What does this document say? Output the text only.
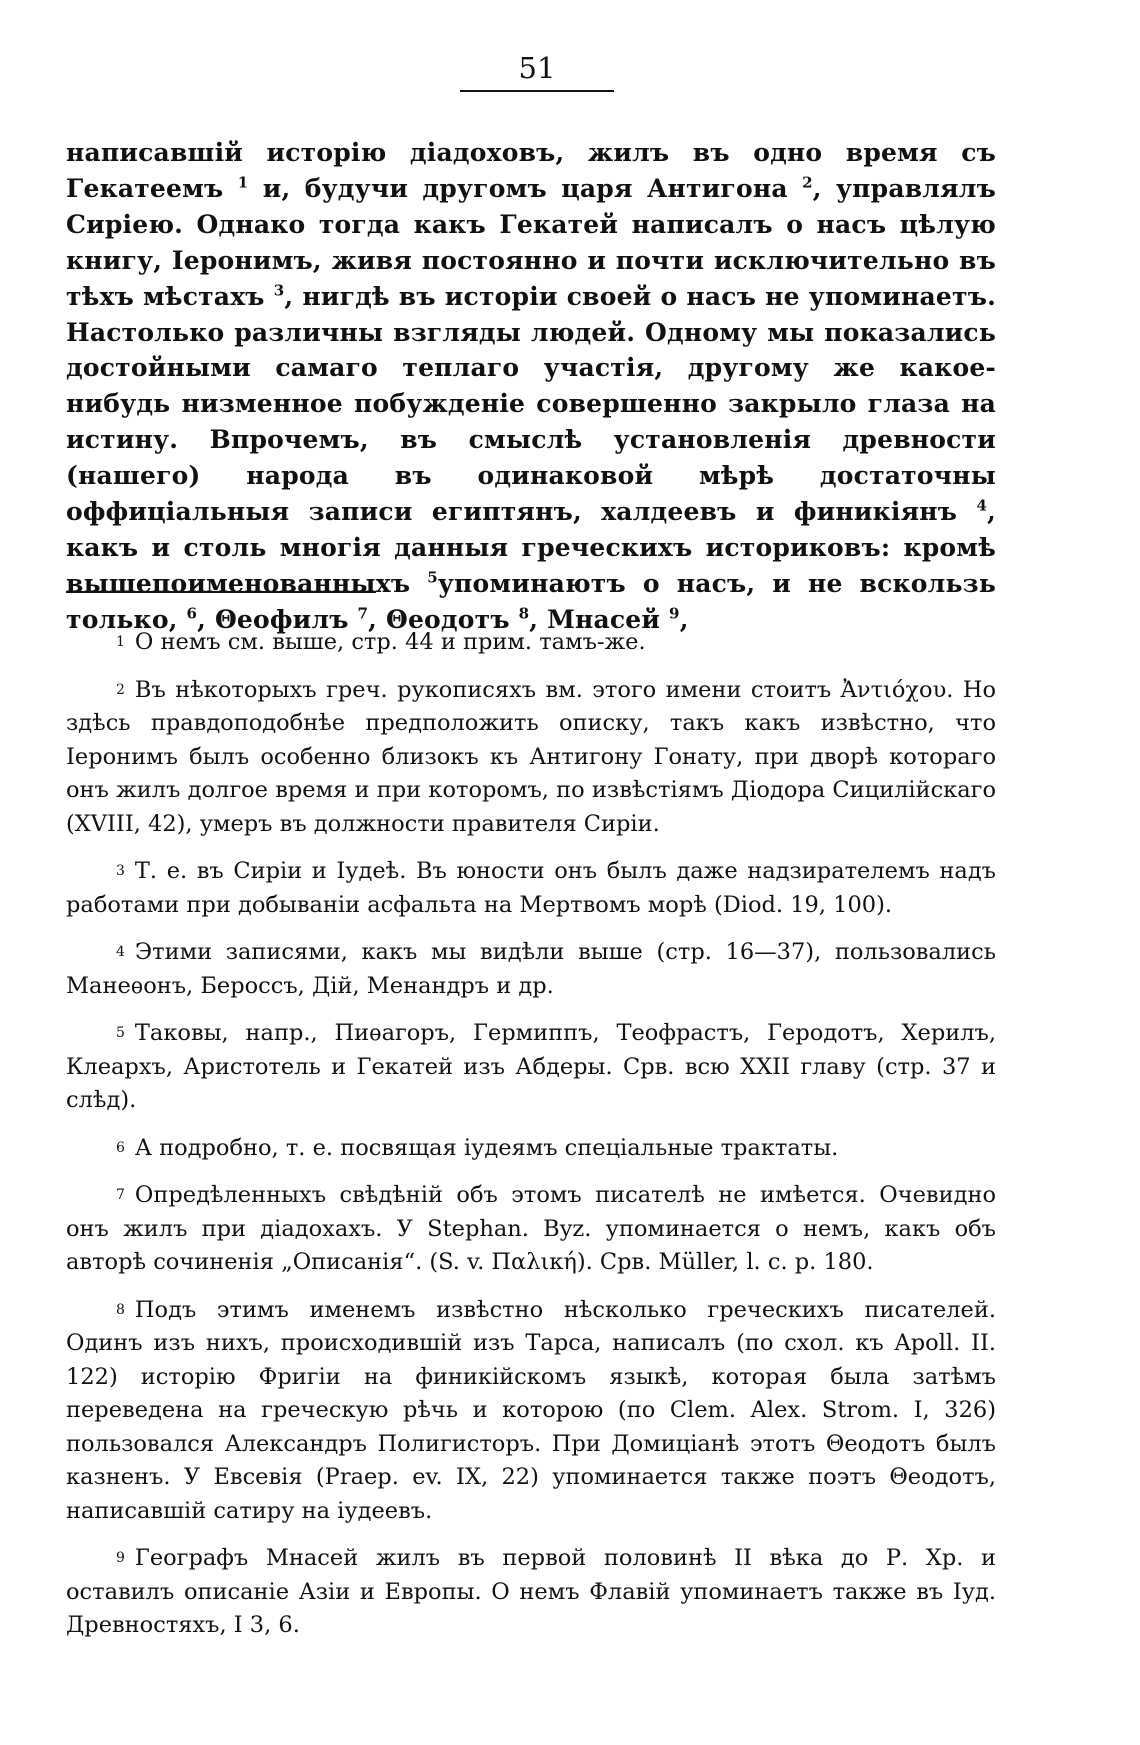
51
написавшій исторію діадоховъ, жилъ въ одно время съ Гекатеемъ $^1$ и, будучи другомъ царя Антигона $^2$, управлялъ Сиріею. Однако тогда какъ Гекатей написалъ о насъ цѣлую книгу, Іеронимъ, живя постоянно и почти исключительно въ тѣхъ мѣстахъ $^3$, нигдѣ въ исторіи своей о насъ не упоминаетъ. Настолько различны взгляды людей. Одному мы показались достойными самаго теплаго участія, другому же какое-нибудь низменное побужденіе совершенно закрыло глаза на истину. Впрочемъ, въ смыслѣ установленія древности (нашего) народа въ одинаковой мѣрѣ достаточны оффиціальныя записи египтянъ, халдеевъ и финикіянъ $^4$, какъ и столь многія данныя греческихъ историковъ: кромѣ вышепоименованныхъ $^5$упоминаютъ о насъ, и не вскользь только, $^6$, Θеофилъ $^7$, Θеодотъ $^8$, Мнасей $^9$,

$^1$ О немъ см. выше, стр. 44 и прим. тамъ-же.

$^2$ Въ нѣкоторыхъ греч. рукописяхъ вм. этого имени стоитъ Ἀντιόχου. Но здѣсь правдоподобнѣе предположить описку, такъ какъ извѣстно, что Іеронимъ былъ особенно близокъ къ Антигону Гонату, при дворѣ котораго онъ жилъ долгое время и при которомъ, по извѣстіямъ Діодора Сицилійскаго (XVIII, 42), умеръ въ должности правителя Сиріи.

$^3$ Т. е. въ Сиріи и Іудеѣ. Въ юности онъ былъ даже надзирателемъ надъ работами при добываніи асфальта на Мертвомъ морѣ (Diod. 19, 100).

$^4$ Этими записями, какъ мы видѣли выше (стр. 16—37), пользовались Манеѳонъ, Бероссъ, Дій, Менандръ и др.

$^5$ Таковы, напр., Пиѳагоръ, Гермиппъ, Теофрастъ, Геродотъ, Херилъ, Клеархъ, Аристотель и Гекатей изъ Абдеры. Срв. всю XXII главу (стр. 37 и слѣд).

$^6$ А подробно, т. е. посвящая іудеямъ спеціальные трактаты.

$^7$ Опредѣленныхъ свѣдѣній объ этомъ писателѣ не имѣется. Очевидно онъ жилъ при діадохахъ. У Stephan. Byz. упоминается о немъ, какъ объ авторѣ сочиненія „Описанія“. (S. v. Παλική). Срв. Müller, l. c. p. 180.

$^8$ Подъ этимъ именемъ извѣстно нѣсколько греческихъ писателей. Одинъ изъ нихъ, происходившій изъ Тарса, написалъ (по схол. къ Apoll. II. 122) исторію Фригіи на финикійскомъ языкѣ, которая была затѣмъ переведена на греческую рѣчь и которою (по Clem. Alex. Strom. I, 326) пользовался Александръ Полигисторъ. При Домиціанѣ этотъ Θеодотъ былъ казненъ. У Евсевія (Praep. ev. IX, 22) упоминается также поэтъ Θеодотъ, написавшій сатиру на іудеевъ.

$^9$ Географъ Мнасей жилъ въ первой половинѣ II вѣка до Р. Хр. и оставилъ описаніе Азіи и Европы. О немъ Флавій упоминаетъ также въ Іуд. Древностяхъ, I 3, 6.
